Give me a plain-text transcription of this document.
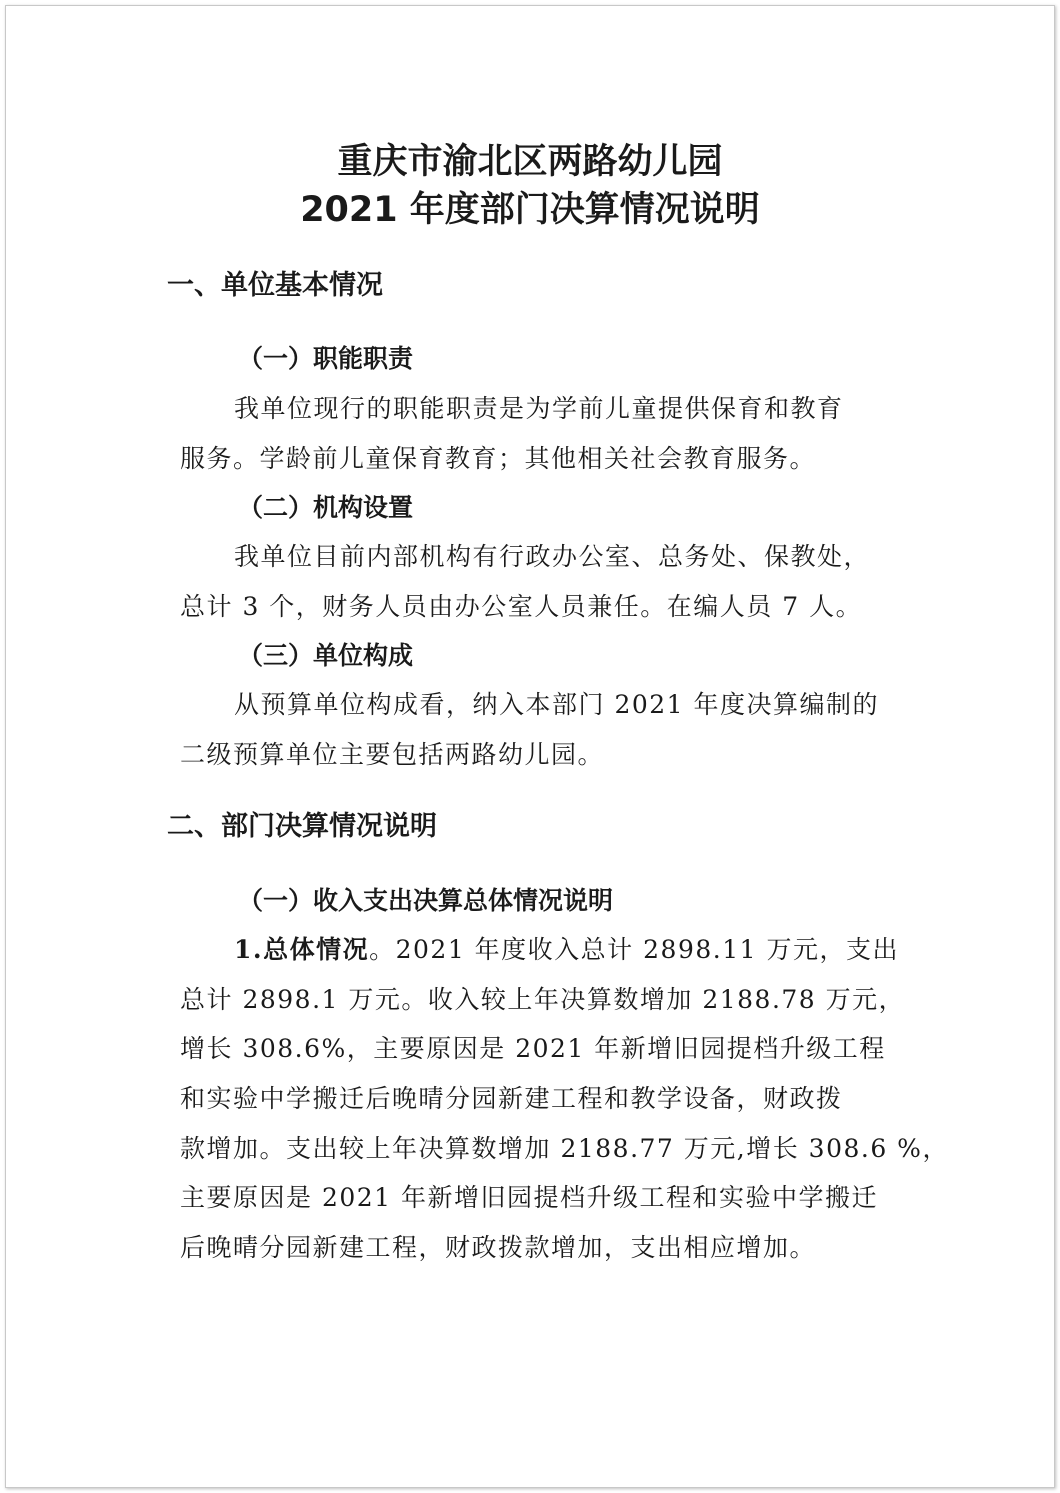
重庆市渝北区两路幼儿园
2021 年度部门决算情况说明
一、单位基本情况
（一）职能职责

我单位现行的职能职责是为学前儿童提供保育和教育

服务。学龄前儿童保育教育；其他相关社会教育服务。

（二）机构设置

我单位目前内部机构有行政办公室、总务处、保教处，

总计 3 个，财务人员由办公室人员兼任。在编人员 7 人。

（三）单位构成

从预算单位构成看，纳入本部门 2021 年度决算编制的

二级预算单位主要包括两路幼儿园。

二、部门决算情况说明
（一）收入支出决算总体情况说明

1.总体情况。2021 年度收入总计 2898.11 万元，支出

总计 2898.1 万元。收入较上年决算数增加 2188.78 万元，

增长 308.6%，主要原因是 2021 年新增旧园提档升级工程

和实验中学搬迁后晚晴分园新建工程和教学设备，财政拨

款增加。支出较上年决算数增加 2188.77 万元,增长 308.6 %，

主要原因是 2021 年新增旧园提档升级工程和实验中学搬迁

后晚晴分园新建工程，财政拨款增加，支出相应增加。
